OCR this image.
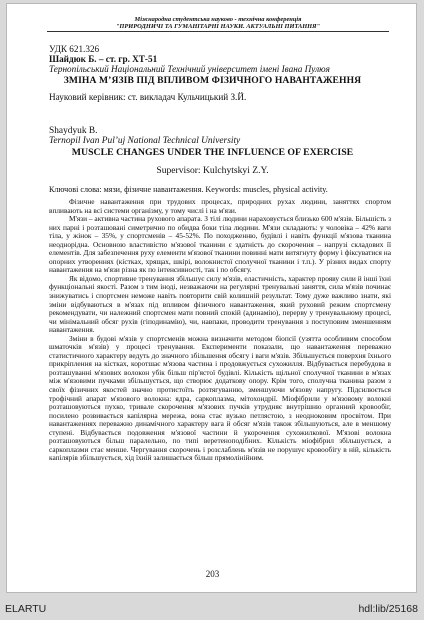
Міжнародна студентська науково - технічна конференція
"ПРИРОДНИЧІ ТА ГУМАНІТАРНІ НАУКИ. АКТУАЛЬНІ ПИТАННЯ"
УДК 621.326
Шайдюк Б. – ст. гр. ХТ-51
Тернопільський Національний Технічний університет імені Івана Пулюя
ЗМІНА М’ЯЗІВ ПІД ВПЛИВОМ ФІЗИЧНОГО НАВАНТАЖЕННЯ
Науковий керівник: ст. викладач Кульчицький З.Й.
Shaydyuk B.
Ternopil Ivan Pul’uj National Technical University
MUSCLE CHANGES UNDER THE INFLUENCE OF EXERCISE
Supervisor: Kulchytskyi Z.Y.
Ключові слова: мязи, фізичне навантаження. Keywords: muscles, physical activity.

Фізичне навантаження при трудових процесах, природних рухах людини, заняттях спортом впливають на всі системи організму, у тому числі і на м'язи.

М'язи – активна частина рухового апарата. З тілі людини нараховується близько 600 м'язів. Більшість з них парні і розташовані симетрично по обидва боки тіла людини. М'язи складають: у чоловіка – 42% ваги тіла, у жінок – 35%, у спортсменів – 45-52%. По походженню, будівлі і навіть функції м'язова тканина неоднорідна. Основною властивістю м'язової тканини є здатність до скорочення – напрузі складових її елементів. Для забезпечення руху елементи м'язової тканини повинні мати витягнуту форму і фіксуватися на опорних утвореннях (кістках, хрящах, шкірі, волокнистої сполучної тканини і т.п.). У різних видах спорту навантаження на м'язи різна як по інтенсивності, так і по обсягу.

Як відомо, спортивне тренування збільшує силу м'язів, еластичність, характер прояву сили й інші їхні функціональні якості. Разом з тим іноді, незважаючи на регулярні тренувальні заняття, сила м'язів починає знижуватись і спортсмен неможе навіть повторити свій колишній результат. Тому дуже важливо знати, які зміни відбуваються в м'язах під впливом фізичного навантаження, який руховий режим спортсмену рекомендувати, чи належний спортсмен мати повний спокій (адинамію), перерву у тренувальному процесі, чи мінімальний обсяг рухів (гіподинамію), чи, навпаки, проводити тренування з поступовим зменшенням навантаження.

Зміни в будові м'язів у спортсменів можна визначити методом біопсії (узятта особливим способом шматочків м'язів) у процесі тренування. Експерименти показали, що навантаження переважно статистичного характеру ведуть до значного збільшення обсягу і ваги м'язів. Збільшується поверхня їхнього прикріплення на кістках, коротшає м'язова частина і продовжується сухожилля. Відбувається перебудова в розташуванні м'язових волокон убік більш пір'ястої будівлі. Кількість щільної сполучної тканини в м'язах між м'язовими пучками збільшується, що створює додаткову опору. Крім того, сполучна тканина разом з своїх фізичних якостей значно протистоїть розтягуванню, зменшуючи м'язову напругу. Підсилюється трофічний апарат м'язового волокна: ядра, саркоплазма, мітохондрії. Міофібрили у м'язовому волокні розташовуються пухко, тривале скорочення м'язових пучків утрудняє внутрішню органний кровообіг, посилено розвивається капілярна мережа, вона стає вузько петлястою, з неодноковим просвітом. При навантаженнях переважно динамічного характеру вага й обсяг м'язів також збільшуються, але в меншому ступені. Відбувається подовження м'язової частини й укорочення сухожилкової. М'язові волокна розташовуються більш паралельно, по типі веретеноподібних. Кількість міофібрил збільшується, а саркоплазми стає менше. Чергування скорочень і розслаблень м'язів не порушує кровообігу в ній, кількість капілярів збільшується, хід їхній залишається більш прямолінійним.

203
ELARTU	hdl:lib/25168
